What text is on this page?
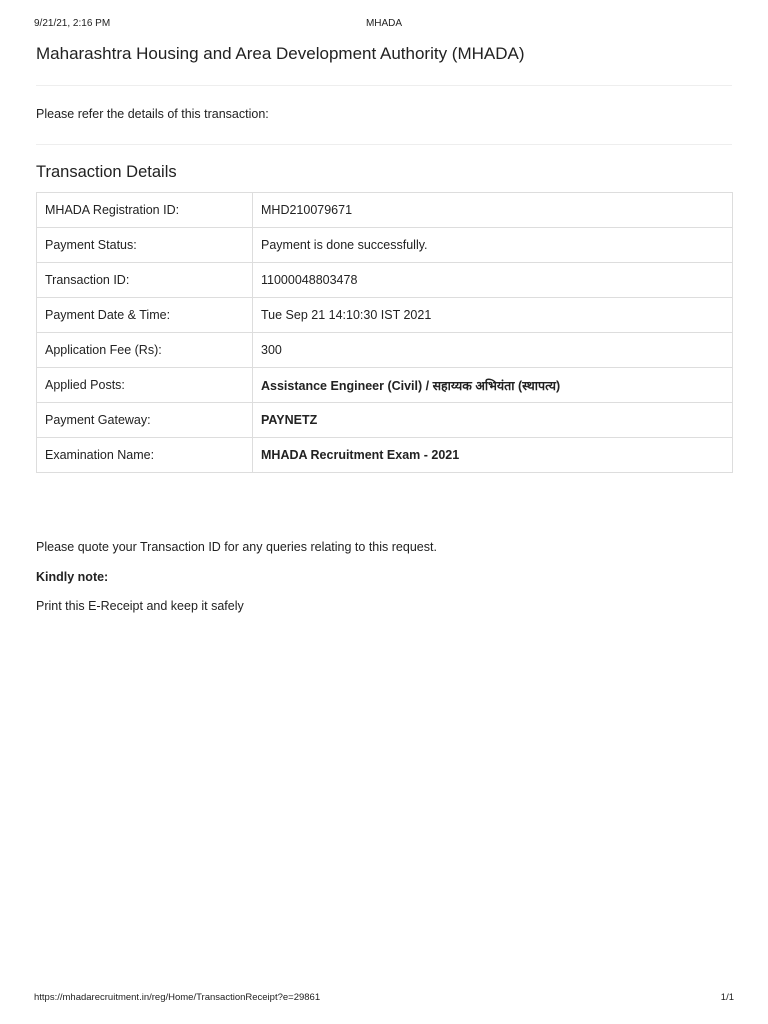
9/21/21, 2:16 PM	MHADA
Maharashtra Housing and Area Development Authority (MHADA)
Please refer the details of this transaction:
Transaction Details
MHADA Registration ID:	MHD210079671
Payment Status:	Payment is done successfully.
Transaction ID:	11000048803478
Payment Date & Time:	Tue Sep 21 14:10:30 IST 2021
Application Fee (Rs):	300
Applied Posts:	Assistance Engineer (Civil) / सहाय्यक अभियंता (स्थापत्य)
Payment Gateway:	PAYNETZ
Examination Name:	MHADA Recruitment Exam - 2021
Please quote your Transaction ID for any queries relating to this request.
Kindly note:
Print this E-Receipt and keep it safely
https://mhadarecruitment.in/reg/Home/TransactionReceipt?e=29861	1/1
